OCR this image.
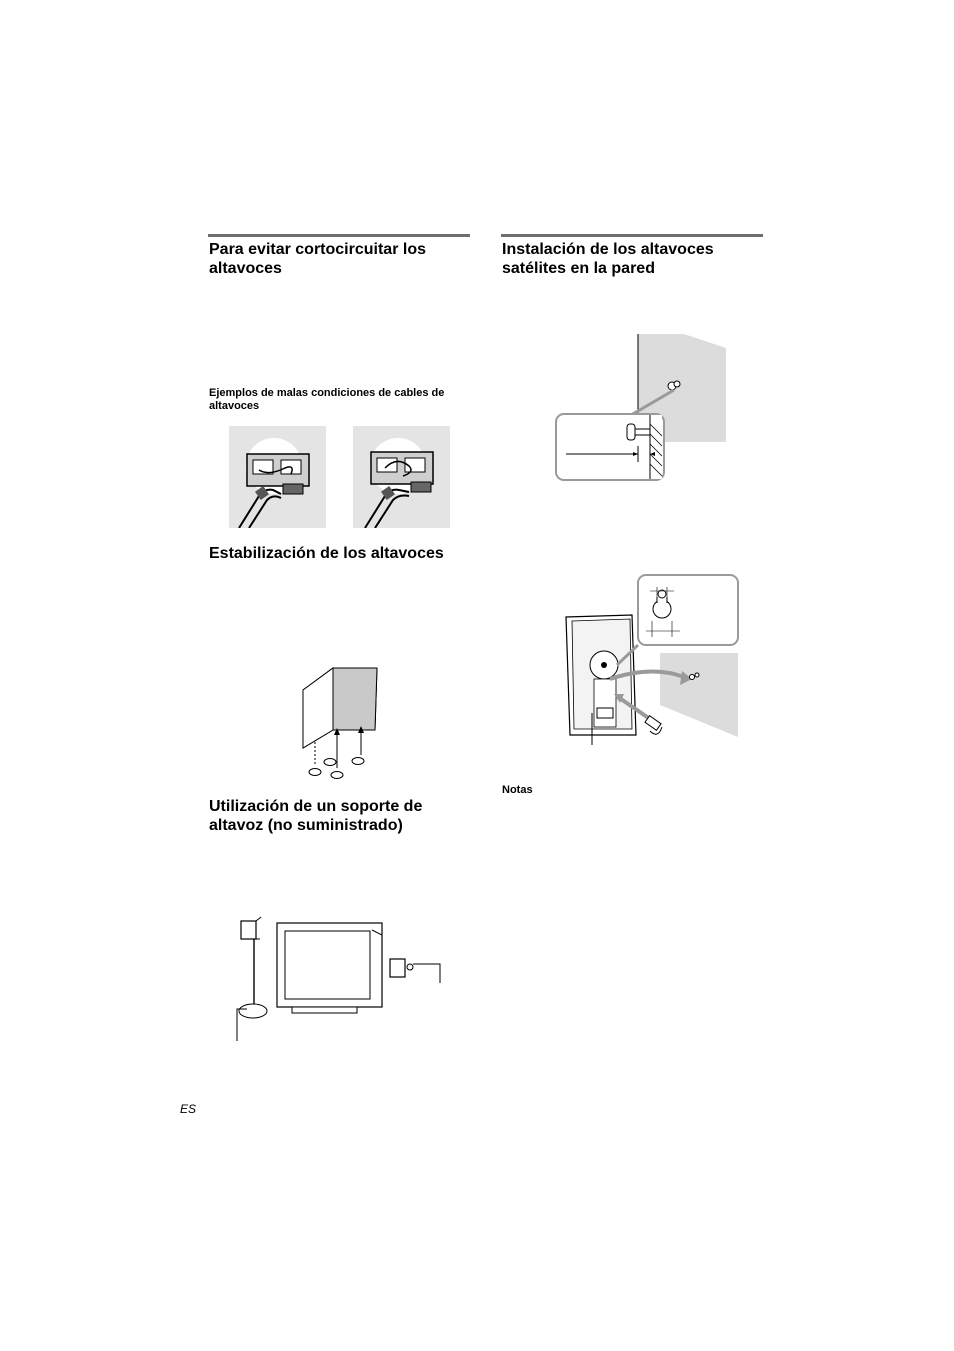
Para evitar cortocircuitar los altavoces
Ejemplos de malas condiciones de cables de altavoces
Estabilización de los altavoces
Utilización de un soporte de altavoz (no suministrado)
ES
Instalación de los altavoces satélites en la pared
Notas
